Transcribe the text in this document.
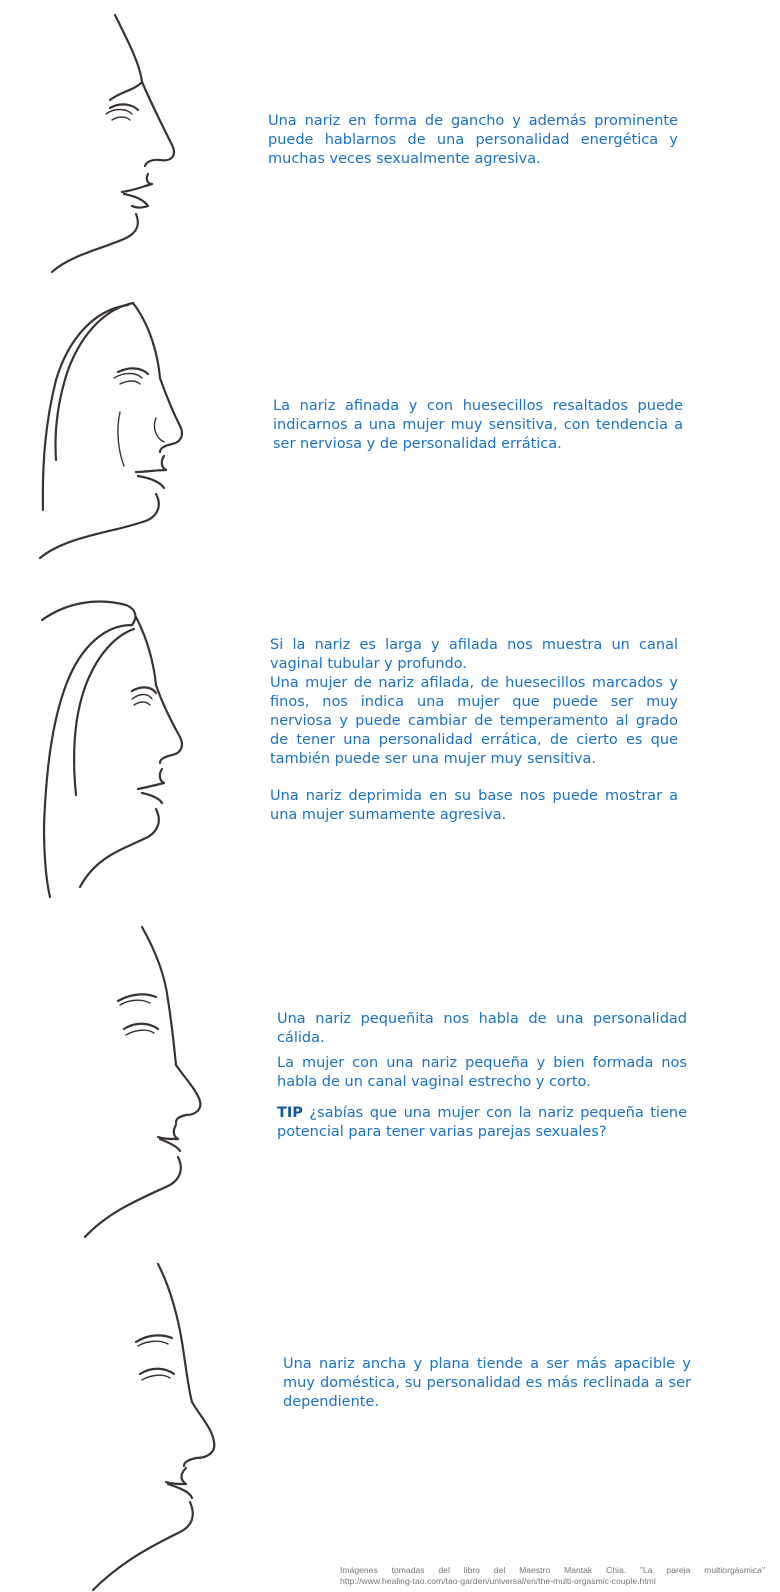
Una nariz en forma de gancho y además prominente puede hablarnos de una personalidad energética y muchas veces sexualmente agresiva.

La nariz afinada y con huesecillos resaltados puede indicarnos a una mujer muy sensitiva, con tendencia a ser nerviosa y de personalidad errática.

Si la nariz es larga y afilada nos muestra un canal vaginal tubular y profundo.

Una mujer de nariz afilada, de huesecillos marcados y finos, nos indica una mujer que puede ser muy nerviosa y puede cambiar de temperamento al grado de tener una personalidad errática, de cierto es que también puede ser una mujer muy sensitiva.

Una nariz deprimida en su base nos puede mostrar a una mujer sumamente agresiva.

Una nariz pequeñita nos habla de una personalidad cálida.

La mujer con una nariz pequeña y bien formada nos habla de un canal vaginal estrecho y corto.

TIP ¿sabías que una mujer con la nariz pequeña tiene potencial para tener varias parejas sexuales?

Una nariz ancha y plana tiende a ser más apacible y muy doméstica, su personalidad es más reclinada a ser dependiente.

Imágenes tomadas del libro del Maestro Mantak Chia. "La pareja multiorgásmica"
http://www.healing-tao.com/tao-garden/universal/en/the-multi-orgasmic-couple.html
